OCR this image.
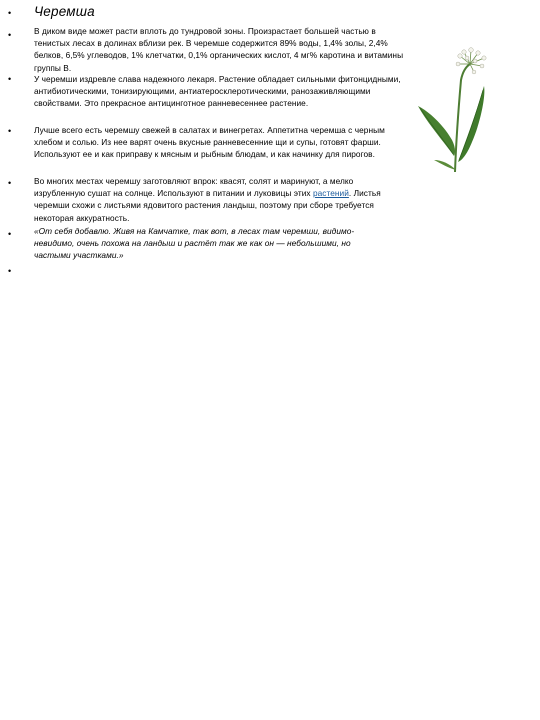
• Черемша
•	В диком виде может расти вплоть до тундровой зоны. Произрастает большей частью в тенистых лесах в долинах вблизи рек. В черемше содержится 89% воды, 1,4% золы, 2,4% белков, 6,5% углеводов, 1% клетчатки, 0,1% органических кислот, 4 мг% каротина и витамины группы В.

•	У черемши издревле слава надежного лекаря. Растение обладает сильными фитонцидными, антибиотическими, тонизирующими, антиатеросклеротическими, ранозаживляющими свойствами. Это прекрасное антицинготное ранневесеннее растение.

•	Лучше всего есть черемшу свежей в салатах и винегретах. Аппетитна черемша с черным хлебом и солью. Из нее варят очень вкусные ранневесенние щи и супы, готовят фарши. Используют ее и как приправу к мясным и рыбным блюдам, и как начинку для пирогов.

•	Во многих местах черемшу заготовляют впрок: квасят, солят и маринуют, а мелко изрубленную сушат на солнце. Используют в питании и луковицы этих растений. Листья черемши схожи с листьями ядовитого растения ландыш, поэтому при сборе требуется некоторая аккуратность.

•	«От себя добавлю. Живя на Камчатке, так вот, в лесах там черемши, видимо-невидимо, очень похожа на ландыш и растёт так же как он — небольшими, но частыми участками.»

•
